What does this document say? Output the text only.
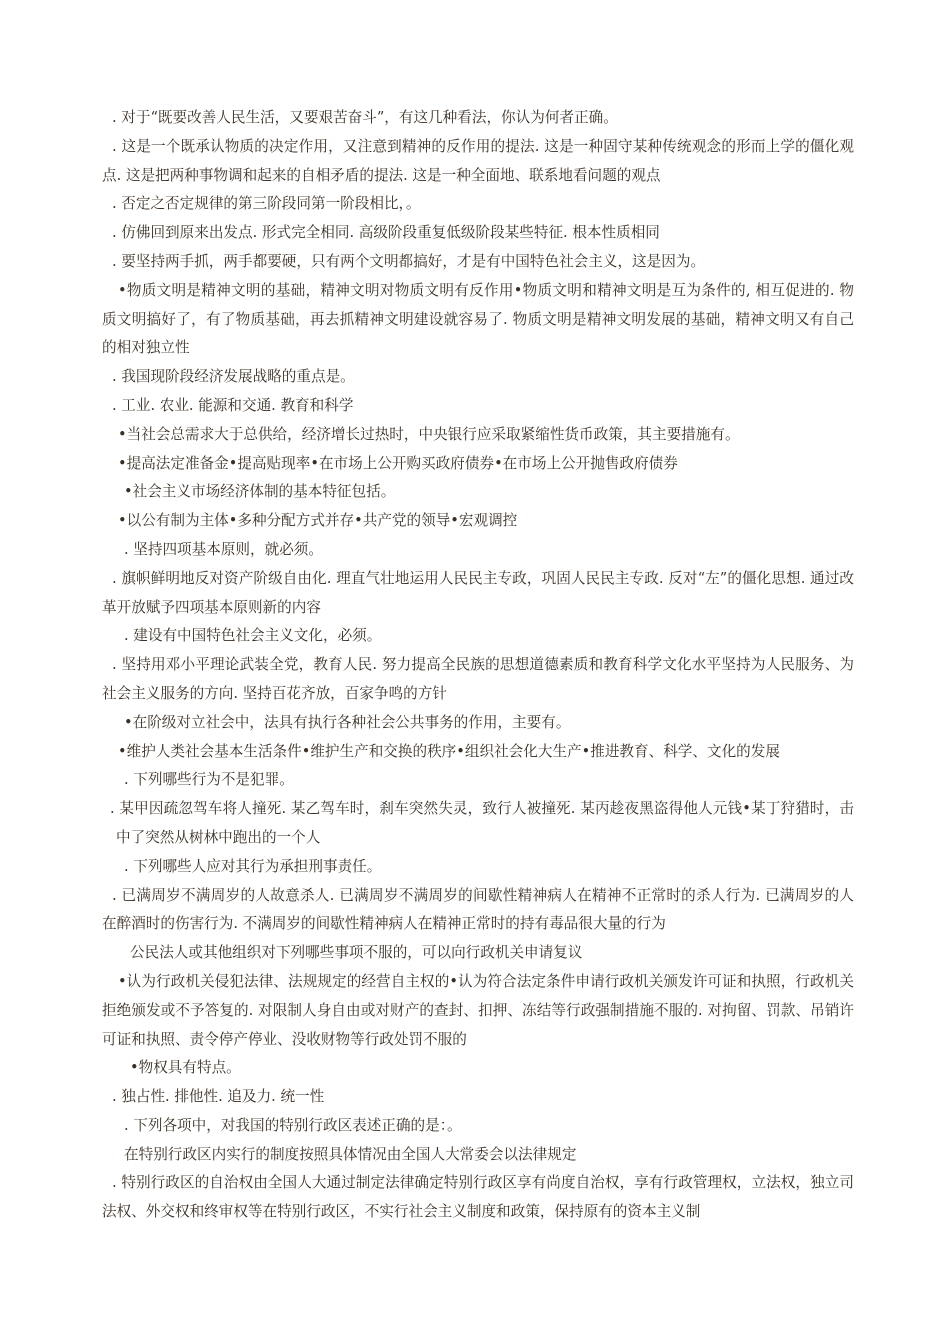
. 对于“既要改善人民生活，又要艰苦奋斗”，有这几种看法，你认为何者正确。

. 这是一个既承认物质的决定作用，又注意到精神的反作用的提法. 这是一种固守某种传统观念的形而上学的僵化观点. 这是把两种事物调和起来的自相矛盾的提法. 这是一种全面地、联系地看问题的观点

. 否定之否定规律的第三阶段同第一阶段相比，。

. 仿佛回到原来出发点. 形式完全相同. 高级阶段重复低级阶段某些特征. 根本性质相同

. 要坚持两手抓，两手都要硬，只有两个文明都搞好，才是有中国特色社会主义，这是因为。

•物质文明是精神文明的基础，精神文明对物质文明有反作用•物质文明和精神文明是互为条件的, 相互促进的. 物质文明搞好了，有了物质基础，再去抓精神文明建设就容易了. 物质文明是精神文明发展的基础，精神文明又有自己的相对独立性

. 我国现阶段经济发展战略的重点是。

. 工业. 农业. 能源和交通. 教育和科学

•当社会总需求大于总供给，经济增长过热时，中央银行应采取紧缩性货币政策，其主要措施有。

•提高法定准备金•提高贴现率•在市场上公开购买政府债券•在市场上公开抛售政府债券

•社会主义市场经济体制的基本特征包括。

•以公有制为主体•多种分配方式并存•共产党的领导•宏观调控

. 坚持四项基本原则，就必须。

. 旗帜鲜明地反对资产阶级自由化. 理直气壮地运用人民民主专政，巩固人民民主专政. 反对“左”的僵化思想. 通过改革开放赋予四项基本原则新的内容

. 建设有中国特色社会主义文化，必须。

. 坚持用邓小平理论武装全党，教育人民. 努力提高全民族的思想道德素质和教育科学文化水平坚持为人民服务、为社会主义服务的方向. 坚持百花齐放，百家争鸣的方针

•在阶级对立社会中，法具有执行各种社会公共事务的作用，主要有。

•维护人类社会基本生活条件•维护生产和交换的秩序•组织社会化大生产•推进教育、科学、文化的发展

. 下列哪些行为不是犯罪。

. 某甲因疏忽驾车将人撞死. 某乙驾车时，刹车突然失灵，致行人被撞死. 某丙趁夜黑盗得他人元钱•某丁狩猎时，击中了突然从树林中跑出的一个人

. 下列哪些人应对其行为承担刑事责任。

. 已满周岁不满周岁的人故意杀人. 已满周岁不满周岁的间歇性精神病人在精神不正常时的杀人行为. 已满周岁的人在醉酒时的伤害行为. 不满周岁的间歇性精神病人在精神正常时的持有毒品很大量的行为

公民法人或其他组织对下列哪些事项不服的，可以向行政机关申请复议

•认为行政机关侵犯法律、法规规定的经营自主权的•认为符合法定条件申请行政机关颁发许可证和执照，行政机关拒绝颁发或不予答复的. 对限制人身自由或对财产的查封、扣押、冻结等行政强制措施不服的. 对拘留、罚款、吊销许可证和执照、责令停产停业、没收财物等行政处罚不服的

•物权具有特点。

. 独占性. 排他性. 追及力. 统一性

. 下列各项中，对我国的特别行政区表述正确的是：。

在特别行政区内实行的制度按照具体情况由全国人大常委会以法律规定

. 特别行政区的自治权由全国人大通过制定法律确定特别行政区享有尚度自治权，享有行政管理权，立法权，独立司法权、外交权和终审权等在特别行政区，不实行社会主义制度和政策，保持原有的资本主义制
